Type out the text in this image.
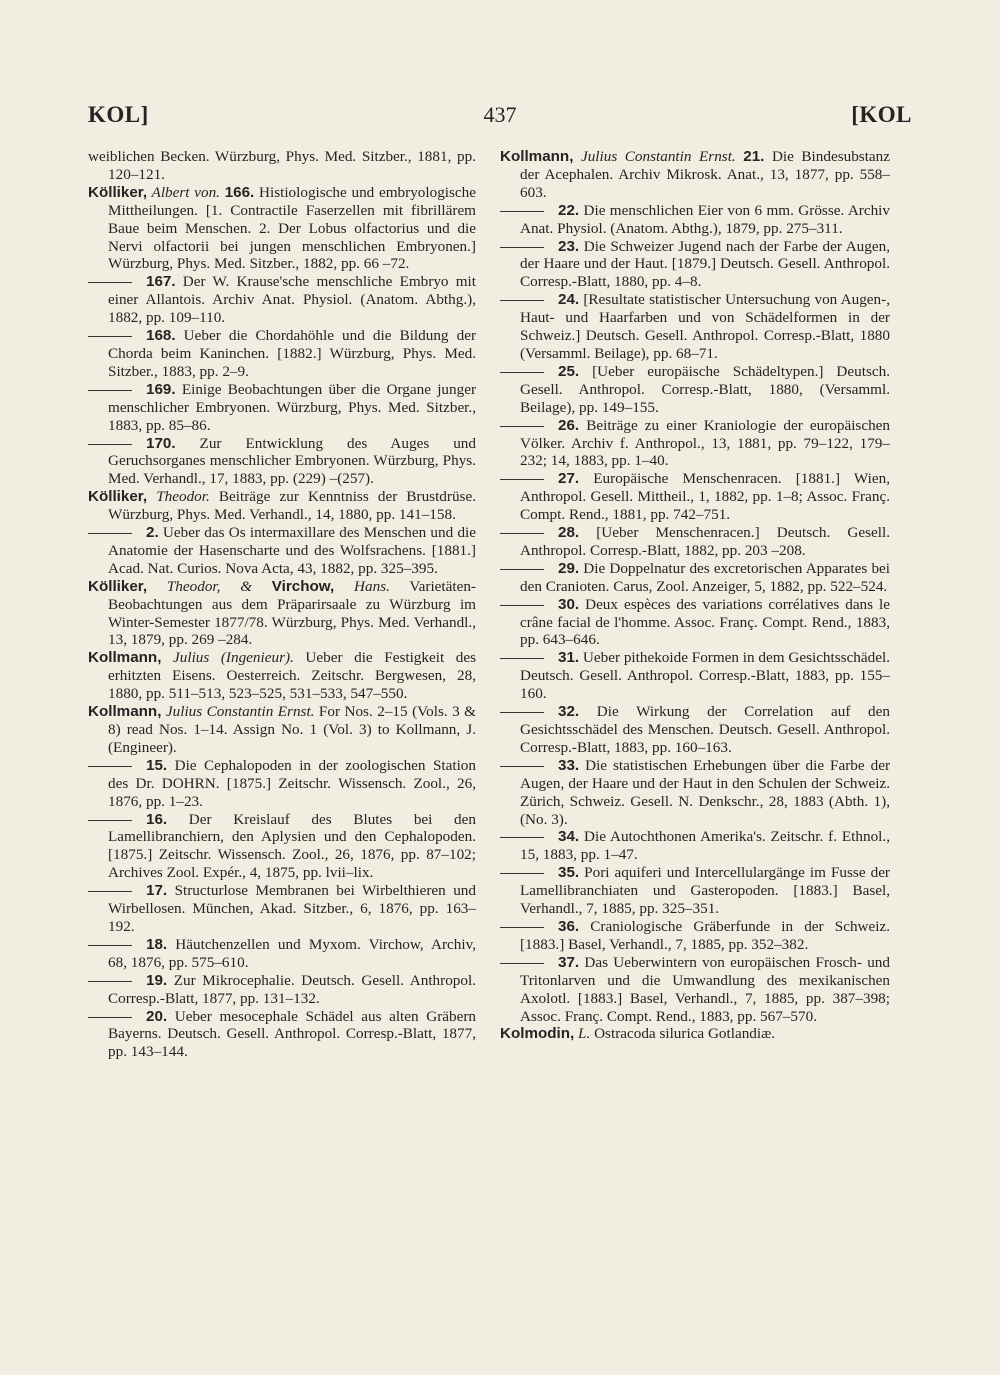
KOL]	437	[KOL
weiblichen Becken. Würzburg, Phys. Med. Sitzber., 1881, pp. 120–121.
Kölliker, Albert von. 166. Histiologische und embryologische Mittheilungen. [1. Contractile Faserzellen mit fibrillärem Baue beim Menschen. 2. Der Lobus olfactorius und die Nervi olfactorii bei jungen menschlichen Embryonen.] Würzburg, Phys. Med. Sitzber., 1882, pp. 66 –72.
167. Der W. Krause'sche menschliche Embryo mit einer Allantois. Archiv Anat. Physiol. (Anatom. Abthg.), 1882, pp. 109–110.
168. Ueber die Chordahöhle und die Bildung der Chorda beim Kaninchen. [1882.] Würzburg, Phys. Med. Sitzber., 1883, pp. 2–9.
169. Einige Beobachtungen über die Organe junger menschlicher Embryonen. Würzburg, Phys. Med. Sitzber., 1883, pp. 85–86.
170. Zur Entwicklung des Auges und Geruchsorganes menschlicher Embryonen. Würzburg, Phys. Med. Verhandl., 17, 1883, pp. (229) –(257).
Kölliker, Theodor. Beiträge zur Kenntniss der Brustdrüse. Würzburg, Phys. Med. Verhandl., 14, 1880, pp. 141–158.
2. Ueber das Os intermaxillare des Menschen und die Anatomie der Hasenscharte und des Wolfsrachens. [1881.] Acad. Nat. Curios. Nova Acta, 43, 1882, pp. 325–395.
Kölliker, Theodor, & Virchow, Hans. Varietäten-Beobachtungen aus dem Präparirsaale zu Würzburg im Winter-Semester 1877/78. Würzburg, Phys. Med. Verhandl., 13, 1879, pp. 269 –284.
Kollmann, Julius (Ingenieur). Ueber die Festigkeit des erhitzten Eisens. Oesterreich. Zeitschr. Bergwesen, 28, 1880, pp. 511–513, 523–525, 531–533, 547–550.
Kollmann, Julius Constantin Ernst. For Nos. 2–15 (Vols. 3 & 8) read Nos. 1–14. Assign No. 1 (Vol. 3) to Kollmann, J. (Engineer).
15. Die Cephalopoden in der zoologischen Station des Dr. DOHRN. [1875.] Zeitschr. Wissensch. Zool., 26, 1876, pp. 1–23.
16. Der Kreislauf des Blutes bei den Lamellibranchiern, den Aplysien und den Cephalopoden. [1875.] Zeitschr. Wissensch. Zool., 26, 1876, pp. 87–102; Archives Zool. Expér., 4, 1875, pp. lvii–lix.
17. Structurlose Membranen bei Wirbelthieren und Wirbellosen. München, Akad. Sitzber., 6, 1876, pp. 163–192.
18. Häutchenzellen und Myxom. Virchow, Archiv, 68, 1876, pp. 575–610.
19. Zur Mikrocephalie. Deutsch. Gesell. Anthropol. Corresp.-Blatt, 1877, pp. 131–132.
20. Ueber mesocephale Schädel aus alten Gräbern Bayerns. Deutsch. Gesell. Anthropol. Corresp.-Blatt, 1877, pp. 143–144.
Kollmann, Julius Constantin Ernst. 21. Die Bindesubstanz der Acephalen. Archiv Mikrosk. Anat., 13, 1877, pp. 558–603.
22. Die menschlichen Eier von 6 mm. Grösse. Archiv Anat. Physiol. (Anatom. Abthg.), 1879, pp. 275–311.
23. Die Schweizer Jugend nach der Farbe der Augen, der Haare und der Haut. [1879.] Deutsch. Gesell. Anthropol. Corresp.-Blatt, 1880, pp. 4–8.
24. [Resultate statistischer Untersuchung von Augen-, Haut- und Haarfarben und von Schädelformen in der Schweiz.] Deutsch. Gesell. Anthropol. Corresp.-Blatt, 1880 (Versamml. Beilage), pp. 68–71.
25. [Ueber europäische Schädeltypen.] Deutsch. Gesell. Anthropol. Corresp.-Blatt, 1880, (Versamml. Beilage), pp. 149–155.
26. Beiträge zu einer Kraniologie der europäischen Völker. Archiv f. Anthropol., 13, 1881, pp. 79–122, 179–232; 14, 1883, pp. 1–40.
27. Europäische Menschenracen. [1881.] Wien, Anthropol. Gesell. Mittheil., 1, 1882, pp. 1–8; Assoc. Franç. Compt. Rend., 1881, pp. 742–751.
28. [Ueber Menschenracen.] Deutsch. Gesell. Anthropol. Corresp.-Blatt, 1882, pp. 203 –208.
29. Die Doppelnatur des excretorischen Apparates bei den Cranioten. Carus, Zool. Anzeiger, 5, 1882, pp. 522–524.
30. Deux espèces des variations corrélatives dans le crâne facial de l'homme. Assoc. Franç. Compt. Rend., 1883, pp. 643–646.
31. Ueber pithekoide Formen in dem Gesichtsschädel. Deutsch. Gesell. Anthropol. Corresp.-Blatt, 1883, pp. 155–160.
32. Die Wirkung der Correlation auf den Gesichtsschädel des Menschen. Deutsch. Gesell. Anthropol. Corresp.-Blatt, 1883, pp. 160–163.
33. Die statistischen Erhebungen über die Farbe der Augen, der Haare und der Haut in den Schulen der Schweiz. Zürich, Schweiz. Gesell. N. Denkschr., 28, 1883 (Abth. 1), (No. 3).
34. Die Autochthonen Amerika's. Zeitschr. f. Ethnol., 15, 1883, pp. 1–47.
35. Pori aquiferi und Intercellulargänge im Fusse der Lamellibranchiaten und Gasteropoden. [1883.] Basel, Verhandl., 7, 1885, pp. 325–351.
36. Craniologische Gräberfunde in der Schweiz. [1883.] Basel, Verhandl., 7, 1885, pp. 352–382.
37. Das Ueberwintern von europäischen Frosch- und Tritonlarven und die Umwandlung des mexikanischen Axolotl. [1883.] Basel, Verhandl., 7, 1885, pp. 387–398; Assoc. Franç. Compt. Rend., 1883, pp. 567–570.
Kolmodin, L. Ostracoda silurica Gotlandiæ.
